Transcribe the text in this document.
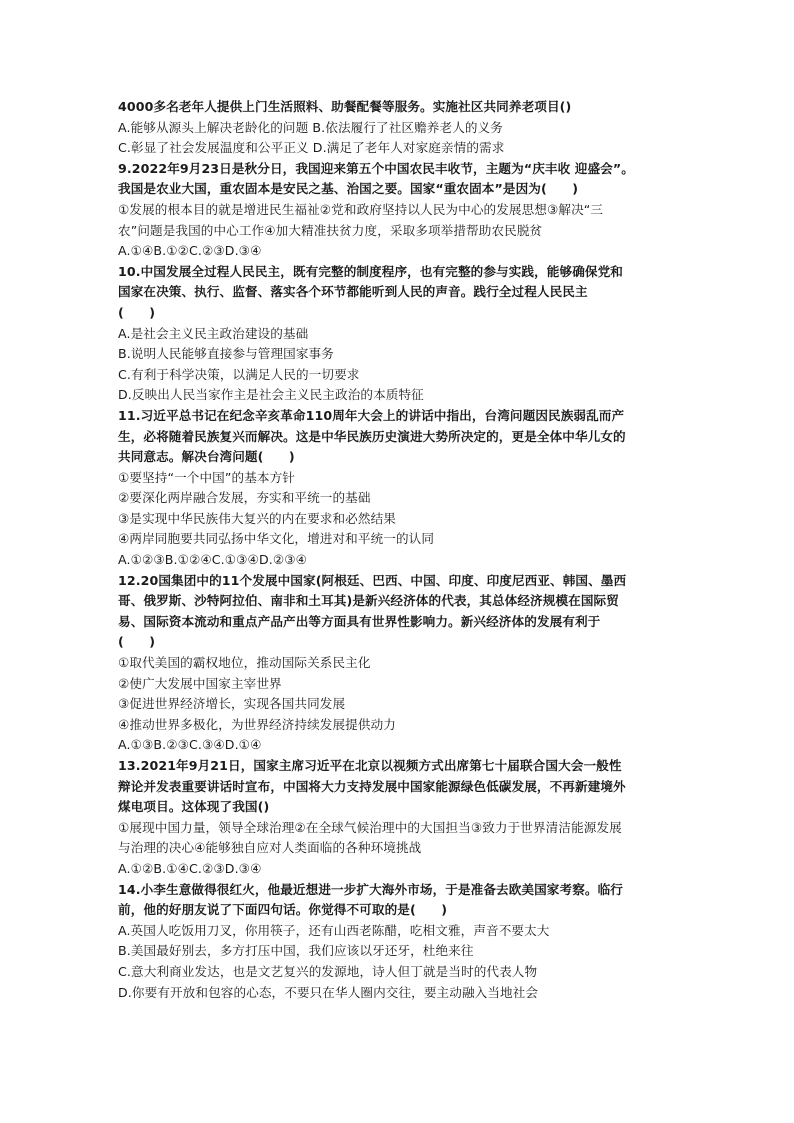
4000多名老年人提供上门生活照料、助餐配餐等服务。实施社区共同养老项目()
A.能够从源头上解决老龄化的问题 B.依法履行了社区赡养老人的义务
C.彰显了社会发展温度和公平正义 D.满足了老年人对家庭亲情的需求
9.2022年9月23日是秋分日，我国迎来第五个中国农民丰收节，主题为“庆丰收 迎盛会”。
我国是农业大国，重农固本是安民之基、治国之要。国家“重农固本”是因为(　　)
①发展的根本目的就是增进民生福祉②党和政府坚持以人民为中心的发展思想③解决“三
农”问题是我国的中心工作④加大精准扶贫力度，采取多项举措帮助农民脱贫
A.①④B.①②C.②③D.③④
10.中国发展全过程人民民主，既有完整的制度程序，也有完整的参与实践，能够确保党和
国家在决策、执行、监督、落实各个环节都能听到人民的声音。践行全过程人民民主
(　　)
A.是社会主义民主政治建设的基础
B.说明人民能够直接参与管理国家事务
C.有利于科学决策，以满足人民的一切要求
D.反映出人民当家作主是社会主义民主政治的本质特征
11.习近平总书记在纪念辛亥革命110周年大会上的讲话中指出，台湾问题因民族弱乱而产
生，必将随着民族复兴而解决。这是中华民族历史演进大势所决定的，更是全体中华儿女的
共同意志。解决台湾问题(　　)
①要坚持“一个中国”的基本方针
②要深化两岸融合发展，夯实和平统一的基础
③是实现中华民族伟大复兴的内在要求和必然结果
④两岸同胞要共同弘扬中华文化，增进对和平统一的认同
A.①②③B.①②④C.①③④D.②③④
12.20国集团中的11个发展中国家(阿根廷、巴西、中国、印度、印度尼西亚、韩国、墨西
哥、俄罗斯、沙特阿拉伯、南非和土耳其)是新兴经济体的代表，其总体经济规模在国际贸
易、国际资本流动和重点产品产出等方面具有世界性影响力。新兴经济体的发展有利于
(　　)
①取代美国的霸权地位，推动国际关系民主化
②使广大发展中国家主宰世界
③促进世界经济增长，实现各国共同发展
④推动世界多极化，为世界经济持续发展提供动力
A.①③B.②③C.③④D.①④
13.2021年9月21日，国家主席习近平在北京以视频方式出席第七十届联合国大会一般性
辩论并发表重要讲话时宣布，中国将大力支持发展中国家能源绿色低碳发展，不再新建境外
煤电项目。这体现了我国()
①展现中国力量，领导全球治理②在全球气候治理中的大国担当③致力于世界清洁能源发展
与治理的决心④能够独自应对人类面临的各种环境挑战
A.①②B.①④C.②③D.③④
14.小李生意做得很红火，他最近想进一步扩大海外市场，于是准备去欧美国家考察。临行
前，他的好朋友说了下面四句话。你觉得不可取的是(　　)
A.英国人吃饭用刀叉，你用筷子，还有山西老陈醋，吃相文雅，声音不要太大
B.美国最好别去，多方打压中国，我们应该以牙还牙，杜绝来往
C.意大利商业发达，也是文艺复兴的发源地，诗人但丁就是当时的代表人物
D.你要有开放和包容的心态，不要只在华人圈内交往，要主动融入当地社会
